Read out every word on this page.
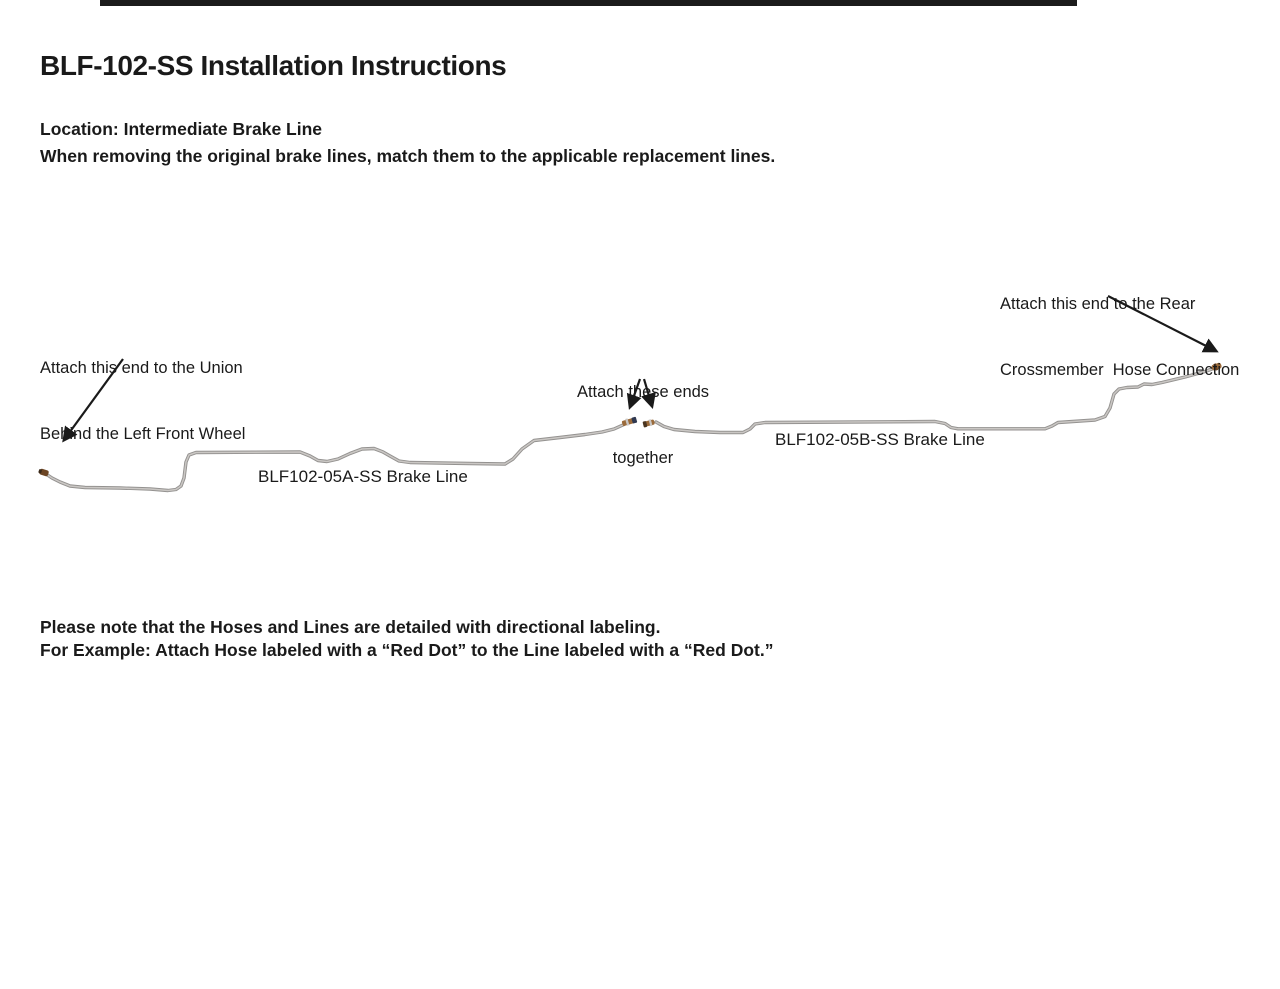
BLF-102-SS Installation Instructions
Location: Intermediate Brake Line
When removing the original brake lines, match them to the applicable replacement lines.

Attach this end to the Union

Behind the Left Front Wheel

Attach these ends

together

Attach this end to the Rear

Crossmember  Hose Connection

BLF102-05A-SS Brake Line
BLF102-05B-SS Brake Line
Please note that the Hoses and Lines are detailed with directional labeling.
For Example: Attach Hose labeled with a “Red Dot” to the Line labeled with a “Red Dot.”
